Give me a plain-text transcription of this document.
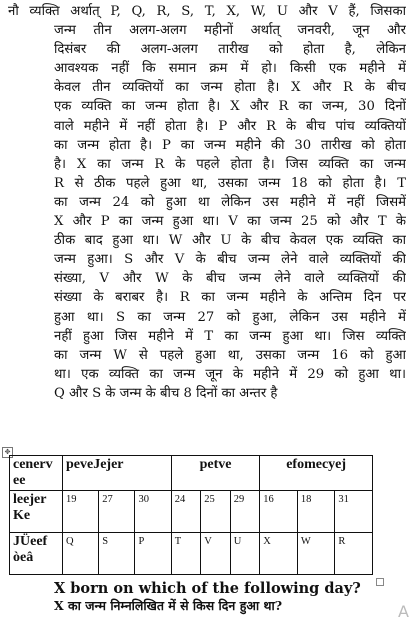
नौ व्यक्ति अर्थात् P, Q, R, S, T, X, W, U और V हैं, जिसका
जन्म तीन अलग-अलग महीनों अर्थात् जनवरी, जून और
दिसंबर की अलग-अलग तारीख को होता है, लेकिन
आवश्यक नहीं कि समान क्रम में हो। किसी एक महीने में
केवल तीन व्यक्तियों का जन्म होता है। X और R के बीच
एक व्यक्ति का जन्म होता है। X और R का जन्म, 30 दिनों
वाले महीने में नहीं होता है। P और R के बीच पांच व्यक्तियों
का जन्म होता है। P का जन्म महीने की 30 तारीख को होता
है। X का जन्म R के पहले होता है। जिस व्यक्ति का जन्म
R से ठीक पहले हुआ था, उसका जन्म 18 को होता है। T
का जन्म 24 को हुआ था लेकिन उस महीने में नहीं जिसमें
X और P का जन्म हुआ था। V का जन्म 25 को और T के
ठीक बाद हुआ था। W और U के बीच केवल एक व्यक्ति का
जन्म हुआ। S और V के बीच जन्म लेने वाले व्यक्तियों की
संख्या, V और W के बीच जन्म लेने वाले व्यक्तियों की
संख्या के बराबर है। R का जन्म महीने के अन्तिम दिन पर
हुआ था। S का जन्म 27 को हुआ, लेकिन उस महीने में
नहीं हुआ जिस महीने में T का जन्म हुआ था। जिस व्यक्ति
का जन्म W से पहले हुआ था, उसका जन्म 16 को हुआ
था। एक व्यक्ति का जन्म जून के महीने में 29 को हुआ था।
Q और S के जन्म के बीच 8 दिनों का अन्तर है
✥
cenerv ee	peveJejer			petve			efomecyej		
leejer Ke	19	27	30	24	25	29	16	18	31
JÜeef òeâ	Q	S	P	T	V	U	X	W	R
X born on which of the following day?
X का जन्म निम्नलिखित में से किस दिन हुआ था?	A
